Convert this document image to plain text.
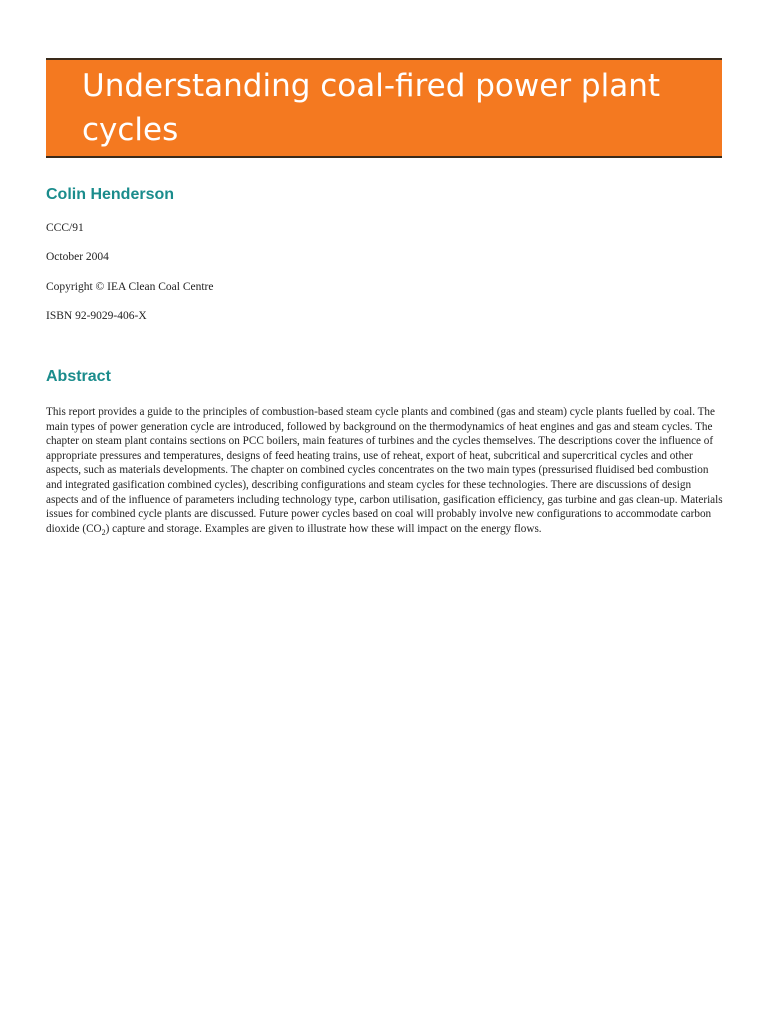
Understanding coal-fired power plant cycles
Colin Henderson

CCC/91

October 2004

Copyright © IEA Clean Coal Centre

ISBN 92-9029-406-X

Abstract

This report provides a guide to the principles of combustion-based steam cycle plants and combined (gas and steam) cycle plants fuelled by coal. The main types of power generation cycle are introduced, followed by background on the thermodynamics of heat engines and gas and steam cycles. The chapter on steam plant contains sections on PCC boilers, main features of turbines and the cycles themselves. The descriptions cover the influence of appropriate pressures and temperatures, designs of feed heating trains, use of reheat, export of heat, subcritical and supercritical cycles and other aspects, such as materials developments. The chapter on combined cycles concentrates on the two main types (pressurised fluidised bed combustion and integrated gasification combined cycles), describing configurations and steam cycles for these technologies. There are discussions of design aspects and of the influence of parameters including technology type, carbon utilisation, gasification efficiency, gas turbine and gas clean-up. Materials issues for combined cycle plants are discussed. Future power cycles based on coal will probably involve new configurations to accommodate carbon dioxide $(CO_2)$ capture and storage. Examples are given to illustrate how these will impact on the energy flows.
